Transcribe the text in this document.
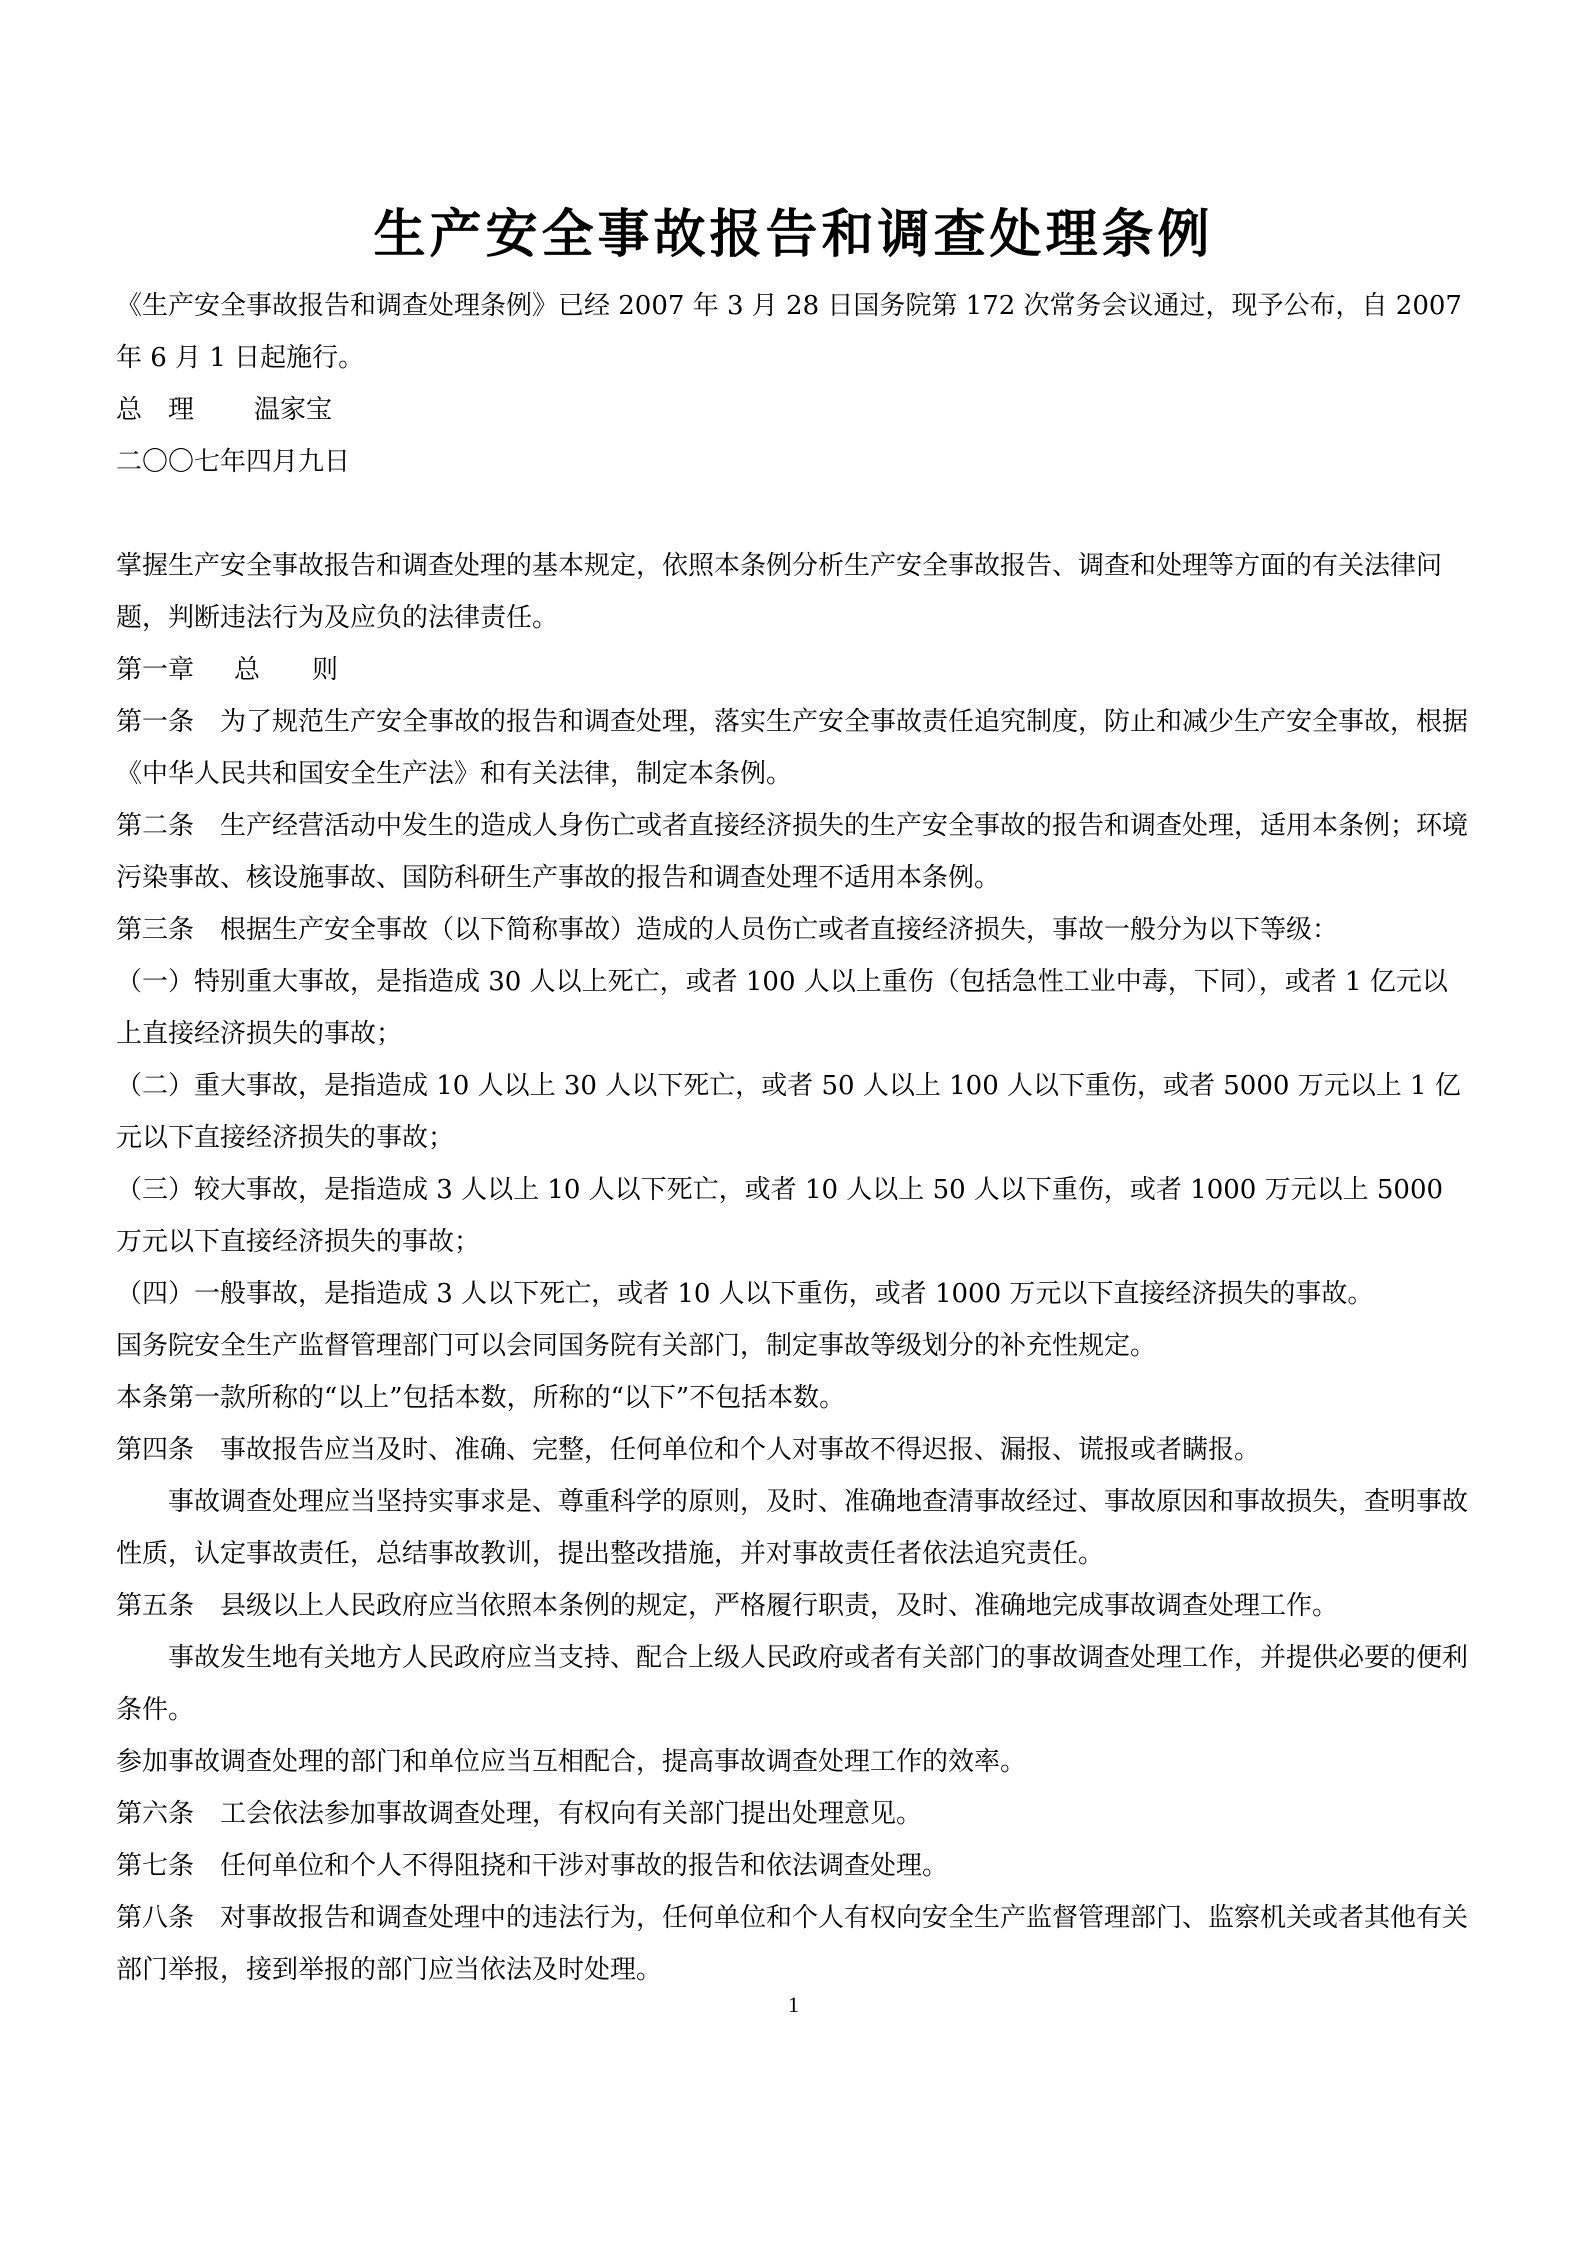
生产安全事故报告和调查处理条例

《生产安全事故报告和调查处理条例》已经 2007 年 3 月 28 日国务院第 172 次常务会议通过，现予公布，自 2007 年 6 月 1 日起施行。

总　理 温家宝

二〇〇七年四月九日

掌握生产安全事故报告和调查处理的基本规定，依照本条例分析生产安全事故报告、调查和处理等方面的有关法律问题，判断违法行为及应负的法律责任。

第一章 总　　则

第一条　为了规范生产安全事故的报告和调查处理，落实生产安全事故责任追究制度，防止和减少生产安全事故，根据《中华人民共和国安全生产法》和有关法律，制定本条例。

第二条　生产经营活动中发生的造成人身伤亡或者直接经济损失的生产安全事故的报告和调查处理，适用本条例；环境污染事故、核设施事故、国防科研生产事故的报告和调查处理不适用本条例。

第三条　根据生产安全事故（以下简称事故）造成的人员伤亡或者直接经济损失，事故一般分为以下等级：

（一）特别重大事故，是指造成 30 人以上死亡，或者 100 人以上重伤（包括急性工业中毒，下同），或者 1 亿元以上直接经济损失的事故；

（二）重大事故，是指造成 10 人以上 30 人以下死亡，或者 50 人以上 100 人以下重伤，或者 5000 万元以上 1 亿元以下直接经济损失的事故；

（三）较大事故，是指造成 3 人以上 10 人以下死亡，或者 10 人以上 50 人以下重伤，或者 1000 万元以上 5000 万元以下直接经济损失的事故；

（四）一般事故，是指造成 3 人以下死亡，或者 10 人以下重伤，或者 1000 万元以下直接经济损失的事故。

国务院安全生产监督管理部门可以会同国务院有关部门，制定事故等级划分的补充性规定。

本条第一款所称的“以上”包括本数，所称的“以下”不包括本数。

第四条　事故报告应当及时、准确、完整，任何单位和个人对事故不得迟报、漏报、谎报或者瞒报。

事故调查处理应当坚持实事求是、尊重科学的原则，及时、准确地查清事故经过、事故原因和事故损失，查明事故性质，认定事故责任，总结事故教训，提出整改措施，并对事故责任者依法追究责任。

第五条　县级以上人民政府应当依照本条例的规定，严格履行职责，及时、准确地完成事故调查处理工作。

事故发生地有关地方人民政府应当支持、配合上级人民政府或者有关部门的事故调查处理工作，并提供必要的便利条件。

参加事故调查处理的部门和单位应当互相配合，提高事故调查处理工作的效率。

第六条　工会依法参加事故调查处理，有权向有关部门提出处理意见。

第七条　任何单位和个人不得阻挠和干涉对事故的报告和依法调查处理。

第八条　对事故报告和调查处理中的违法行为，任何单位和个人有权向安全生产监督管理部门、监察机关或者其他有关部门举报，接到举报的部门应当依法及时处理。

1
